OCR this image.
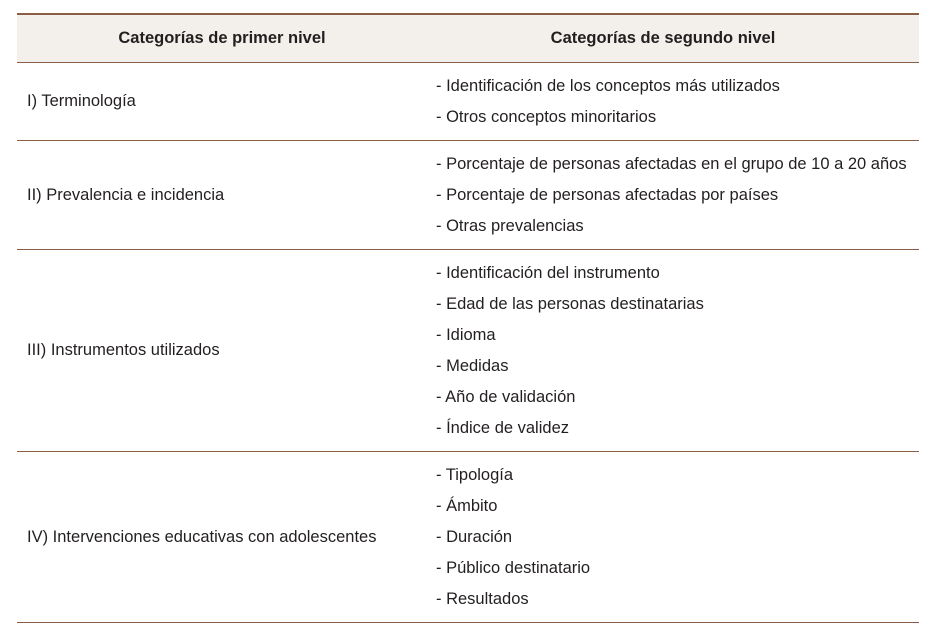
Categorías de primer nivel	Categorías de segundo nivel
I) Terminología
- Identificación de los conceptos más utilizados
- Otros conceptos minoritarios
II) Prevalencia e incidencia
- Porcentaje de personas afectadas en el grupo de 10 a 20 años
- Porcentaje de personas afectadas por países
- Otras prevalencias
III) Instrumentos utilizados
- Identificación del instrumento
- Edad de las personas destinatarias
- Idioma
- Medidas
- Año de validación
- Índice de validez
IV) Intervenciones educativas con adolescentes
- Tipología
- Ámbito
- Duración
- Público destinatario
- Resultados
